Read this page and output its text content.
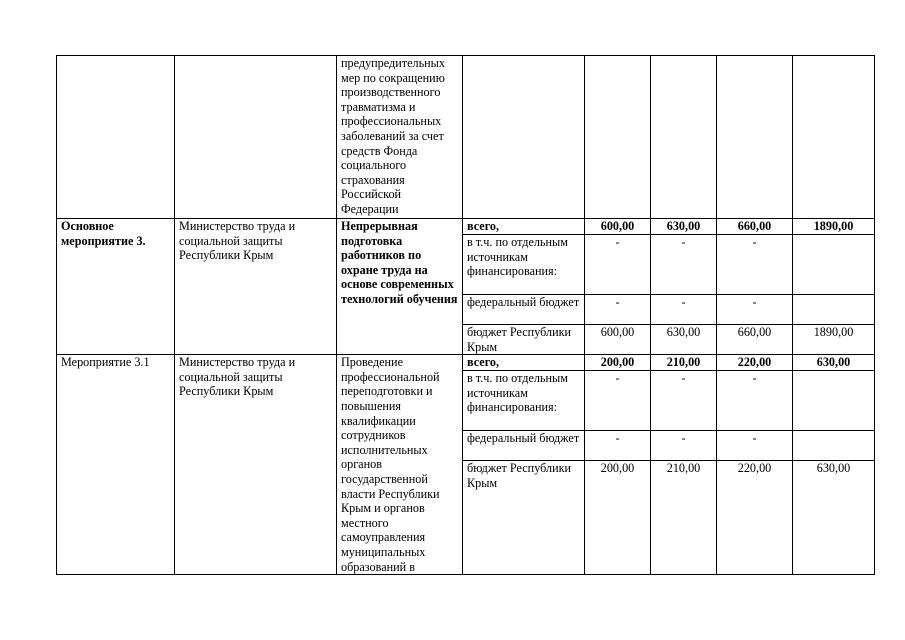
		предупредительных мер по сокращению производственного травматизма и профессиональных заболеваний за счет средств Фонда социального страхования Российской Федерации					
Основное мероприятие 3.	Министерство труда и социальной защиты Республики Крым	Непрерывная подготовка работников по охране труда на основе современных технологий обучения	всего,	600,00	630,00	660,00	1890,00
			в т.ч. по отдельным источникам финансирования:	-	-	-	
			федеральный бюджет	-	-	-	
			бюджет Республики Крым	600,00	630,00	660,00	1890,00
Мероприятие 3.1	Министерство труда и социальной защиты Республики Крым	Проведение профессиональной переподготовки и повышения квалификации сотрудников исполнительных органов государственной власти Республики Крым и органов местного самоуправления муниципальных образований в	всего,	200,00	210,00	220,00	630,00
			в т.ч. по отдельным источникам финансирования:	-	-	-	
			федеральный бюджет	-	-	-	
			бюджет Республики Крым	200,00	210,00	220,00	630,00
